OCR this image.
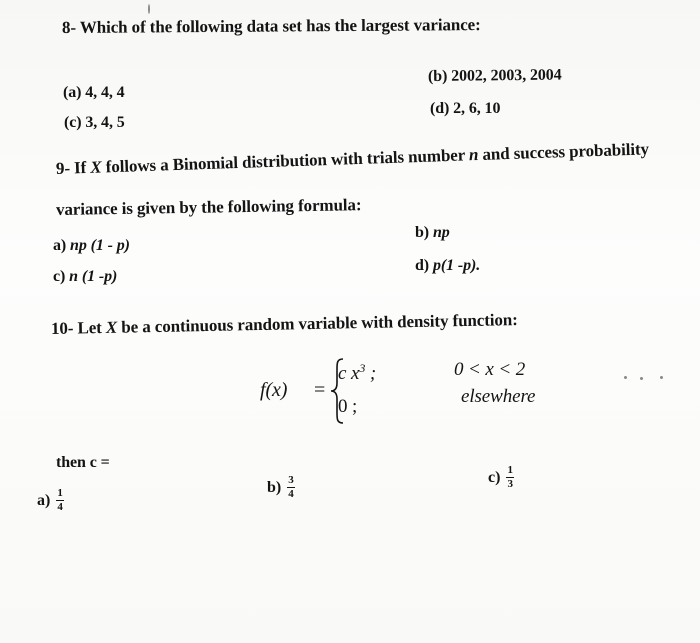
8- Which of the following data set has the largest variance:
(a) 4, 4, 4
(b) 2002, 2003, 2004
(c) 3, 4, 5
(d) 2, 6, 10
9- If X follows a Binomial distribution with trials number n and success probability
variance is given by the following formula:
a) np (1 - p)
b) np
c) n (1 -p)
d) p(1 -p).
10- Let X be a continuous random variable with density function:
f(x) =
c $x^3$ ;	0 < x < 2
0 ;	elsewhere
then c =
$a) \frac{1}{4}$
$b) \frac{3}{4}$	$c) \frac{1}{3}$
